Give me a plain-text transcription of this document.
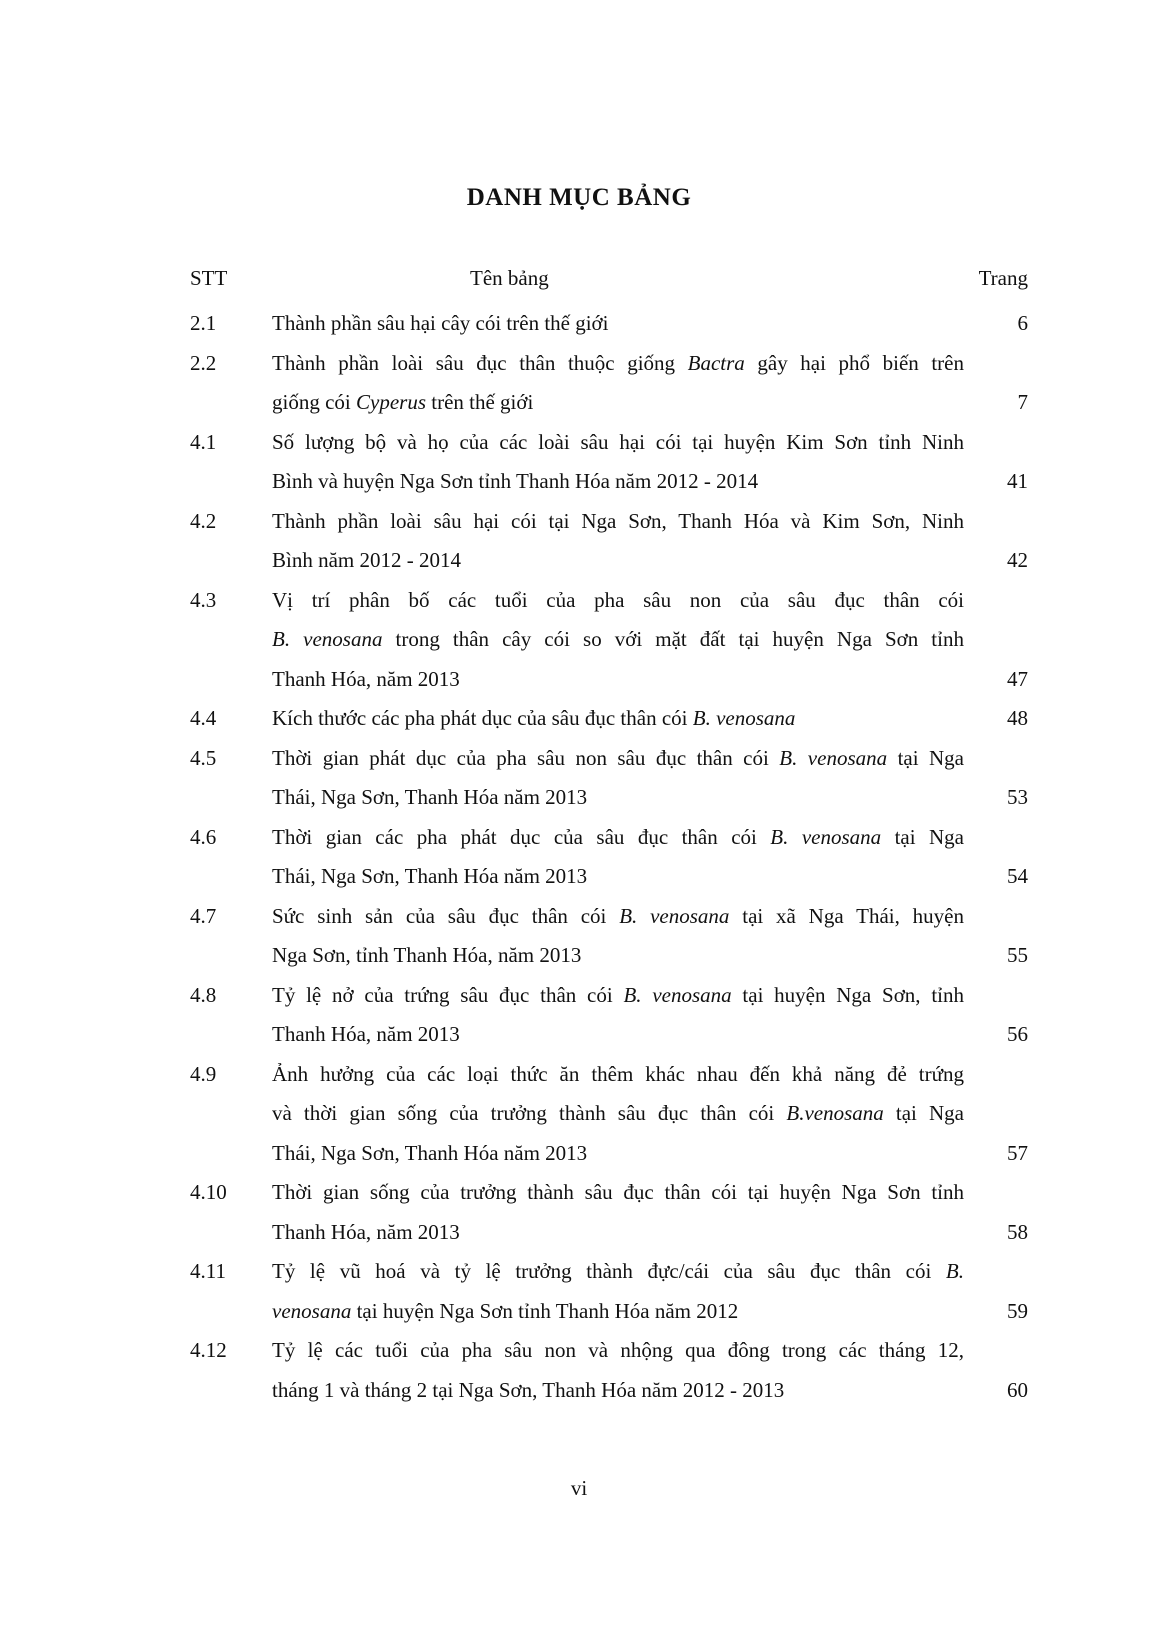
DANH MỤC BẢNG
STT	Tên bảng	Trang
2.1	Thành phần sâu hại cây cói trên thế giới	6
2.2	Thành phần loài sâu đục thân thuộc giống Bactra gây hại phổ biến trên
giống cói Cyperus trên thế giới	7
4.1	Số lượng bộ và họ của các loài sâu hại cói tại huyện Kim Sơn tỉnh Ninh
Bình và huyện Nga Sơn tỉnh Thanh Hóa năm 2012 - 2014	41
4.2	Thành phần loài sâu hại cói tại Nga Sơn, Thanh Hóa và Kim Sơn, Ninh
Bình năm 2012 - 2014	42
4.3	Vị trí phân bố các tuổi của pha sâu non của sâu đục thân cói
B. venosana trong thân cây cói so với mặt đất tại huyện Nga Sơn tỉnh
Thanh Hóa, năm 2013	47
4.4	Kích thước các pha phát dục của sâu đục thân cói B. venosana	48
4.5	Thời gian phát dục của pha sâu non sâu đục thân cói B. venosana tại Nga
Thái, Nga Sơn, Thanh Hóa năm 2013	53
4.6	Thời gian các pha phát dục của sâu đục thân cói B. venosana tại Nga
Thái, Nga Sơn, Thanh Hóa năm 2013	54
4.7	Sức sinh sản của sâu đục thân cói B. venosana tại xã Nga Thái, huyện
Nga Sơn, tỉnh Thanh Hóa, năm 2013	55
4.8	Tỷ lệ nở của trứng sâu đục thân cói B. venosana tại huyện Nga Sơn, tỉnh
Thanh Hóa, năm 2013	56
4.9	Ảnh hưởng của các loại thức ăn thêm khác nhau đến khả năng đẻ trứng
và thời gian sống của trưởng thành sâu đục thân cói B.venosana tại Nga
Thái, Nga Sơn, Thanh Hóa năm 2013	57
4.10 Thời gian sống của trưởng thành sâu đục thân cói tại huyện Nga Sơn tỉnh
Thanh Hóa, năm 2013	58
4.11 Tỷ lệ vũ hoá và tỷ lệ trưởng thành đực/cái của sâu đục thân cói B.
venosana tại huyện Nga Sơn tỉnh Thanh Hóa năm 2012	59
4.12 Tỷ lệ các tuổi của pha sâu non và nhộng qua đông trong các tháng 12,
tháng 1 và tháng 2 tại Nga Sơn, Thanh Hóa năm 2012 - 2013	60
vi
